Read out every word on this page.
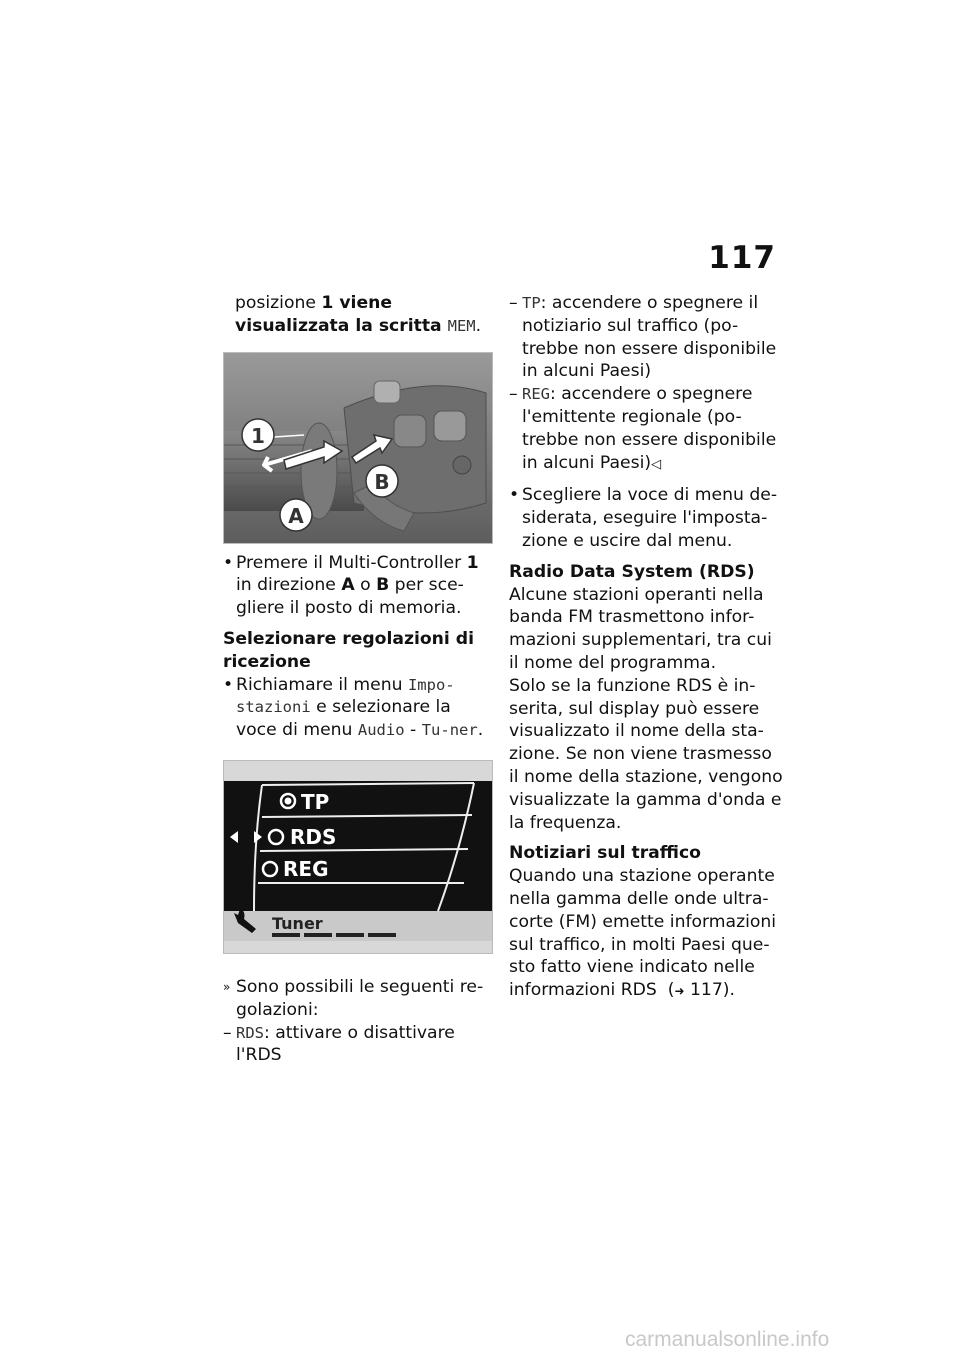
117

posizione 1 viene visualizzata la scritta MEM.

1
B
A

• Premere il Multi-Controller 1 in direzione A o B per sce-gliere il posto di memoria.

Selezionare regolazioni di ricezione

• Richiamare il menu Impo-stazioni e selezionare la voce di menu Audio - Tu-ner.

TP
RDS
REG
Tuner

» Sono possibili le seguenti re-golazioni:

– RDS: attivare o disattivare l'RDS

– TP: accendere o spegnere il notiziario sul traffico (po-trebbe non essere disponibile in alcuni Paesi)

– REG: accendere o spegnere l'emittente regionale (po-trebbe non essere disponibile in alcuni Paesi)◁

• Scegliere la voce di menu de-siderata, eseguire l'imposta-zione e uscire dal menu.

Radio Data System (RDS)

Alcune stazioni operanti nella banda FM trasmettono infor-mazioni supplementari, tra cui il nome del programma.

Solo se la funzione RDS è in-serita, sul display può essere visualizzato il nome della sta-zione. Se non viene trasmesso il nome della stazione, vengono visualizzate la gamma d'onda e la frequenza.

Notiziari sul traffico

Quando una stazione operante nella gamma delle onde ultra-corte (FM) emette informazioni sul traffico, in molti Paesi que-sto fatto viene indicato nelle informazioni RDS (➜ 117).

carmanualsonline.info
